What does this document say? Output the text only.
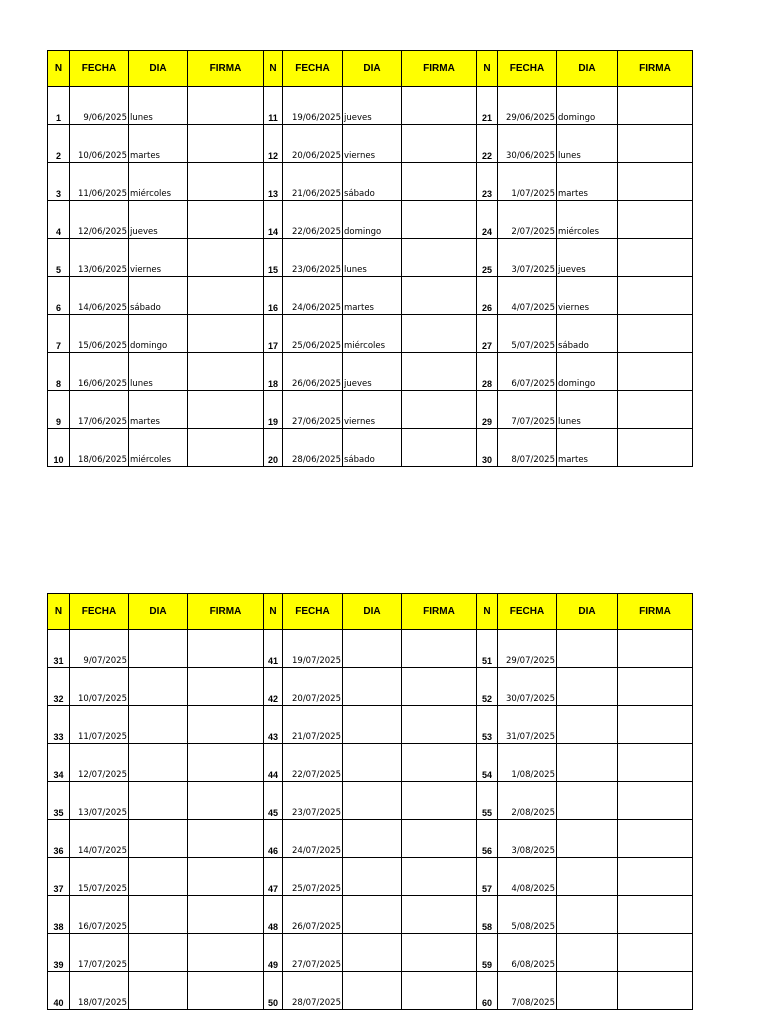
N	FECHA	DIA	FIRMA	N	FECHA	DIA	FIRMA	N	FECHA	DIA	FIRMA
1	9/06/2025	lunes		11	19/06/2025	jueves		21	29/06/2025	domingo	
2	10/06/2025	martes		12	20/06/2025	viernes		22	30/06/2025	lunes	
3	11/06/2025	miércoles		13	21/06/2025	sábado		23	1/07/2025	martes	
4	12/06/2025	jueves		14	22/06/2025	domingo		24	2/07/2025	miércoles	
5	13/06/2025	viernes		15	23/06/2025	lunes		25	3/07/2025	jueves	
6	14/06/2025	sábado		16	24/06/2025	martes		26	4/07/2025	viernes	
7	15/06/2025	domingo		17	25/06/2025	miércoles		27	5/07/2025	sábado	
8	16/06/2025	lunes		18	26/06/2025	jueves		28	6/07/2025	domingo	
9	17/06/2025	martes		19	27/06/2025	viernes		29	7/07/2025	lunes	
10	18/06/2025	miércoles		20	28/06/2025	sábado		30	8/07/2025	martes	
N	FECHA	DIA	FIRMA	N	FECHA	DIA	FIRMA	N	FECHA	DIA	FIRMA
31	9/07/2025			41	19/07/2025			51	29/07/2025		
32	10/07/2025			42	20/07/2025			52	30/07/2025		
33	11/07/2025			43	21/07/2025			53	31/07/2025		
34	12/07/2025			44	22/07/2025			54	1/08/2025		
35	13/07/2025			45	23/07/2025			55	2/08/2025		
36	14/07/2025			46	24/07/2025			56	3/08/2025		
37	15/07/2025			47	25/07/2025			57	4/08/2025		
38	16/07/2025			48	26/07/2025			58	5/08/2025		
39	17/07/2025			49	27/07/2025			59	6/08/2025		
40	18/07/2025			50	28/07/2025			60	7/08/2025		
